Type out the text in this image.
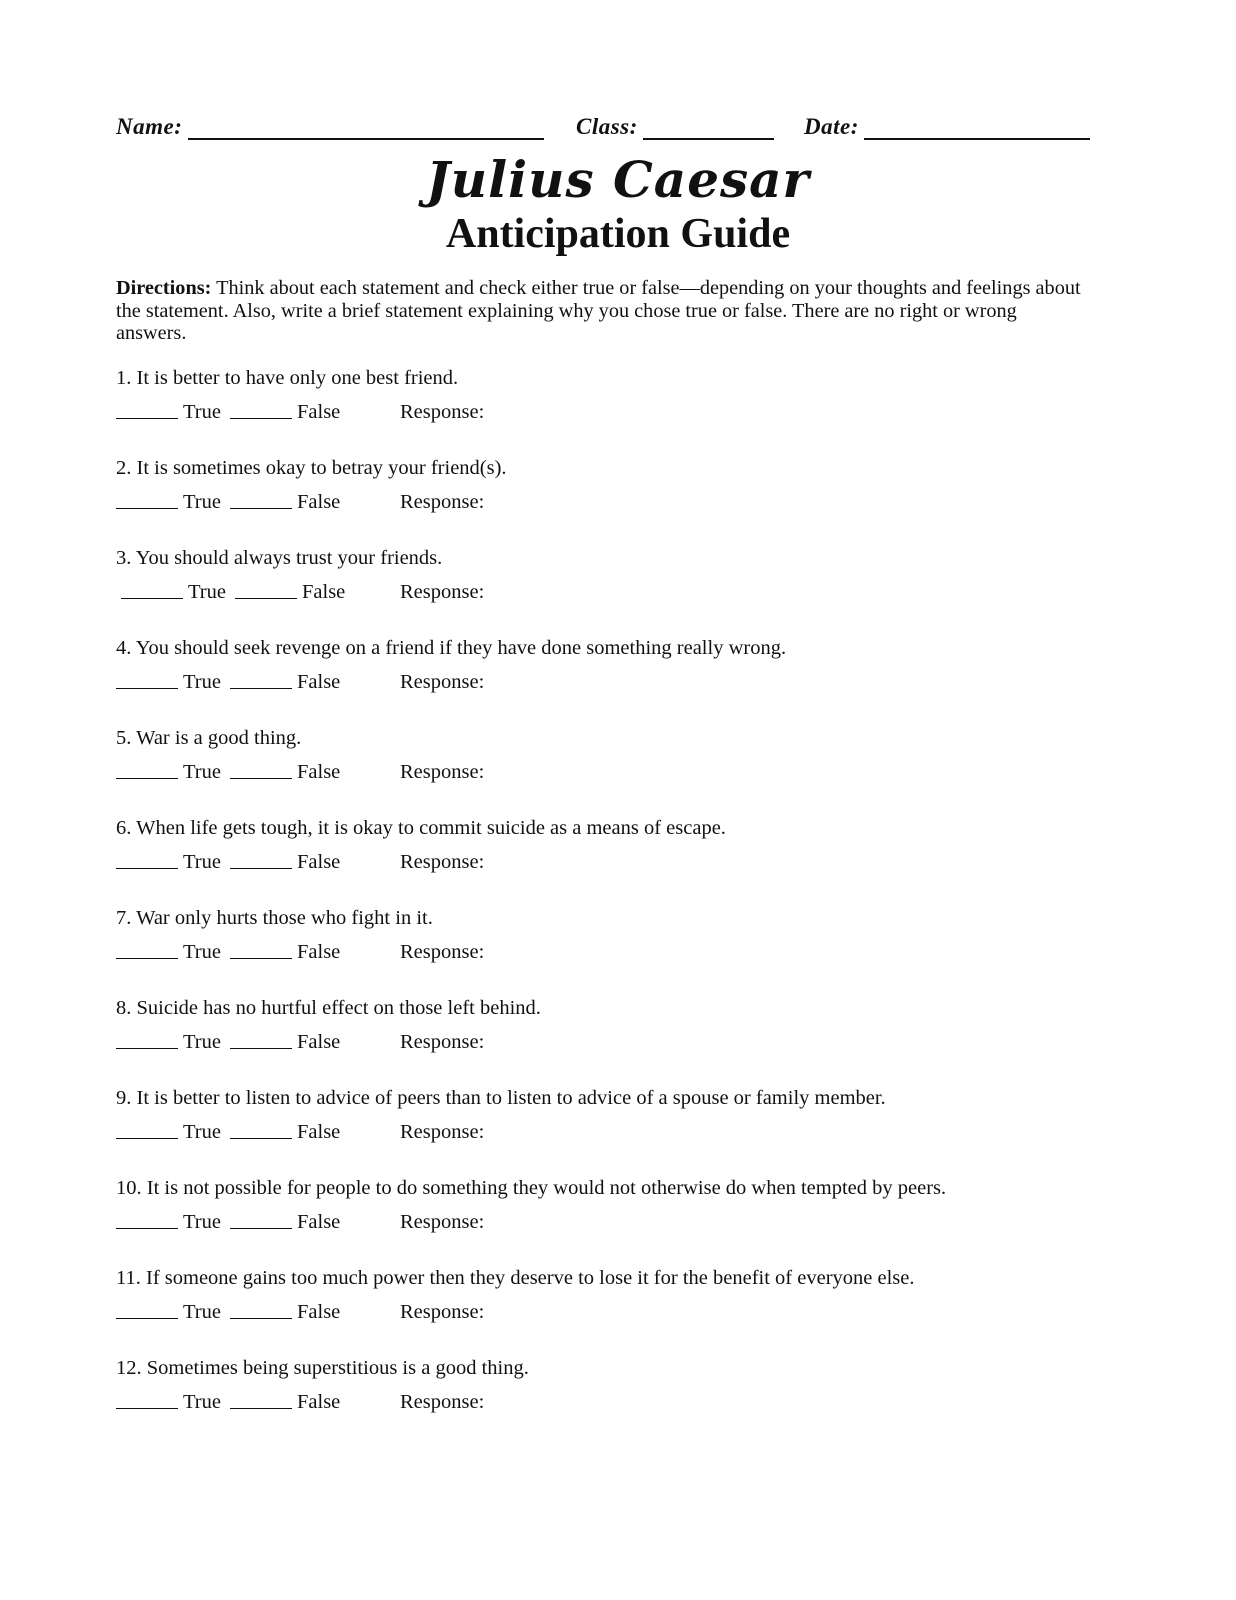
Name:	Class:	Date:
Julius Caesar
Anticipation Guide
Directions: Think about each statement and check either true or false—depending on your thoughts and feelings about the statement. Also, write a brief statement explaining why you chose true or false. There are no right or wrong answers.
1. It is better to have only one best friend.
True	False	Response:
2. It is sometimes okay to betray your friend(s).
True	False	Response:
3. You should always trust your friends.
True	False	Response:
4. You should seek revenge on a friend if they have done something really wrong.
True	False	Response:
5. War is a good thing.
True	False	Response:
6. When life gets tough, it is okay to commit suicide as a means of escape.
True	False	Response:
7. War only hurts those who fight in it.
True	False	Response:
8. Suicide has no hurtful effect on those left behind.
True	False	Response:
9. It is better to listen to advice of peers than to listen to advice of a spouse or family member.
True	False	Response:
10. It is not possible for people to do something they would not otherwise do when tempted by peers.
True	False	Response:
11. If someone gains too much power then they deserve to lose it for the benefit of everyone else.
True	False	Response:
12. Sometimes being superstitious is a good thing.
True	False	Response:
